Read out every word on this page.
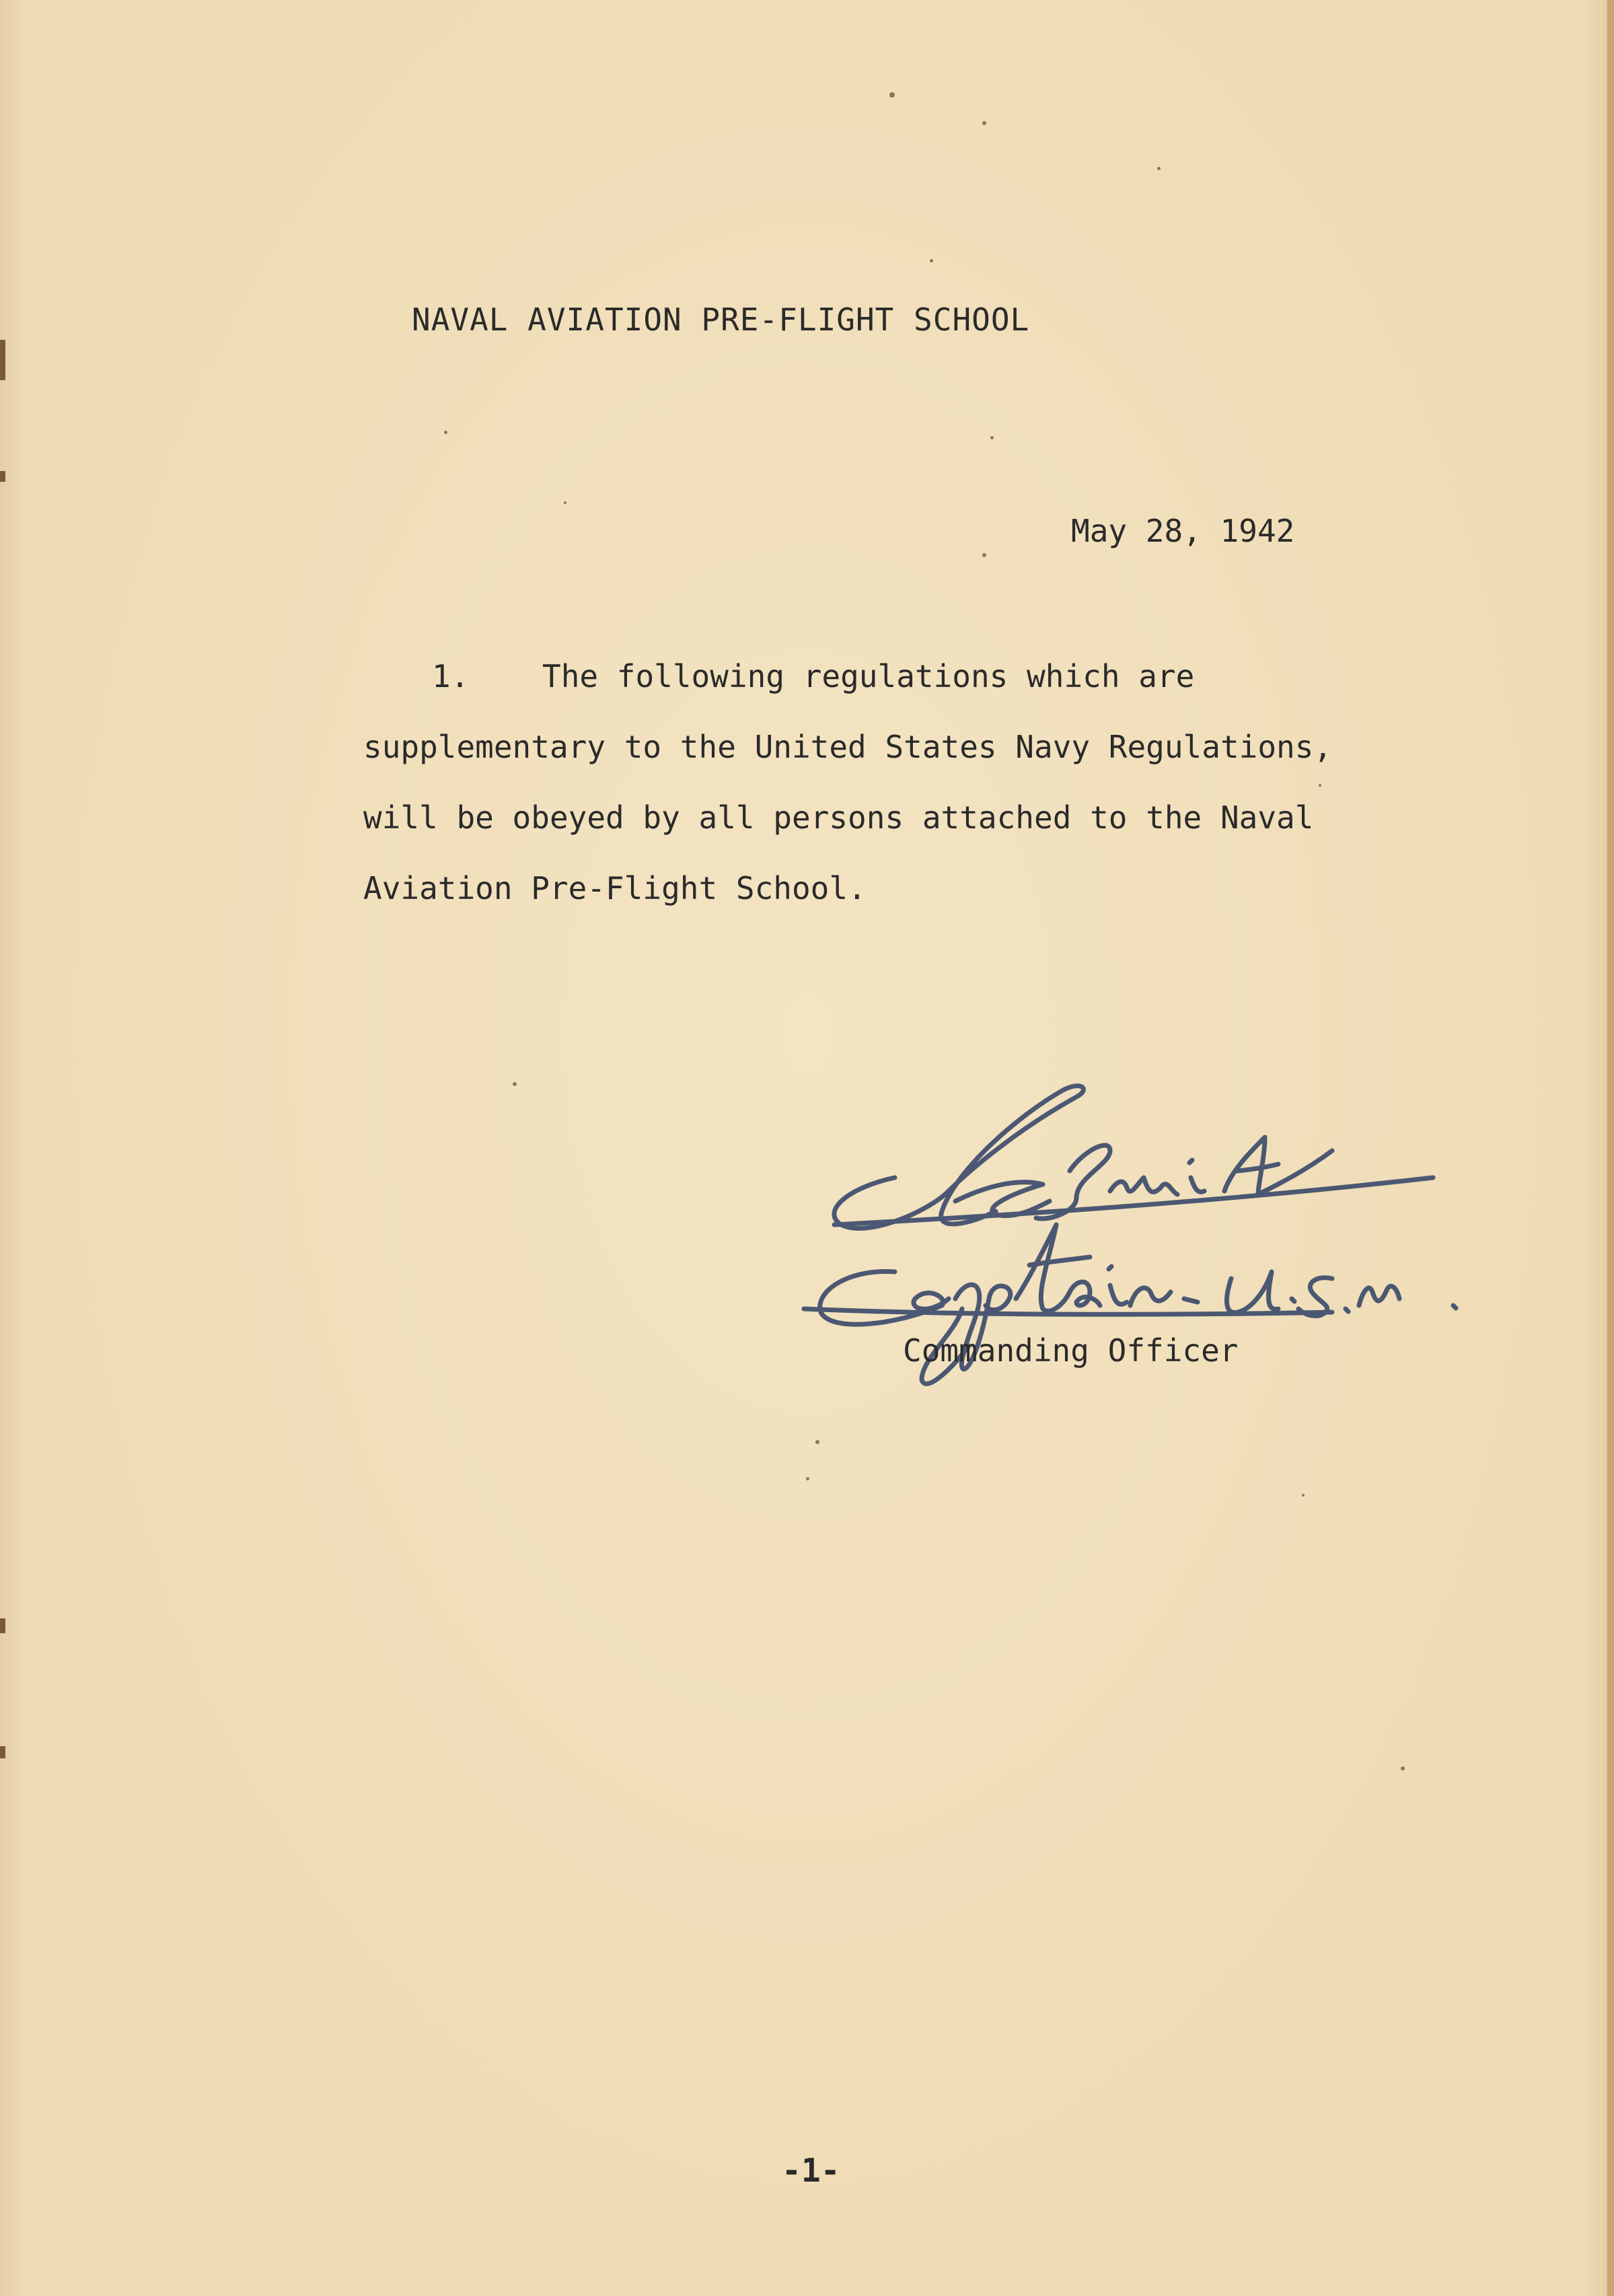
NAVAL AVIATION PRE-FLIGHT SCHOOL
May 28, 1942
1. The following regulations which are
supplementary to the United States Navy Regulations,
will be obeyed by all persons attached to the Naval
Aviation Pre-Flight School.
Commanding Officer
-1-
